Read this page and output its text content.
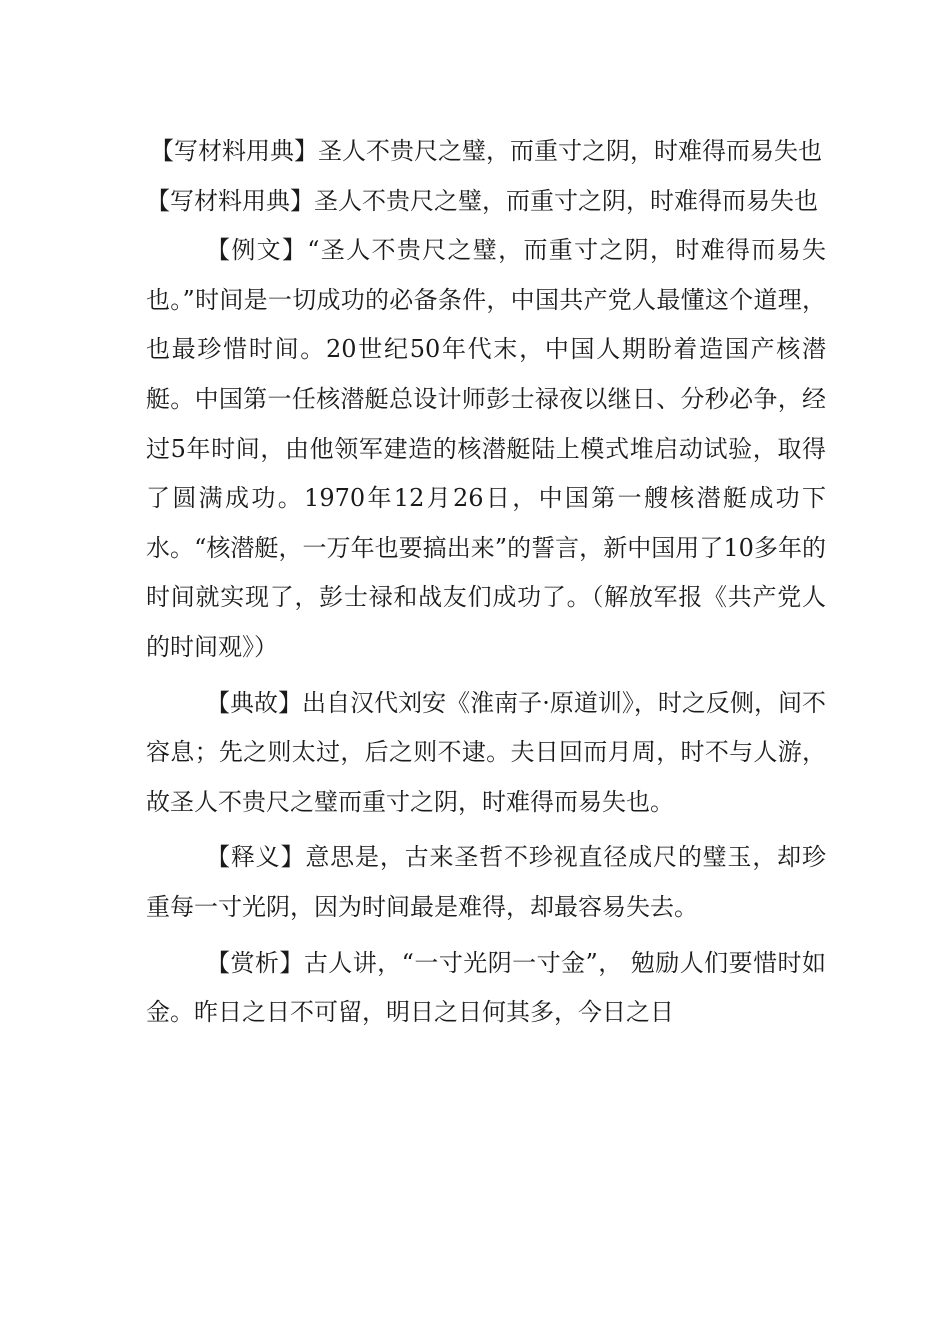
【写材料用典】圣人不贵尺之璧，而重寸之阴，时难得而易失也

【写材料用典】圣人不贵尺之璧，而重寸之阴，时难得而易失也

【例文】“圣人不贵尺之璧，而重寸之阴，时难得而易失也。”时间是一切成功的必备条件，中国共产党人最懂这个道理，也最珍惜时间。20世纪50年代末，中国人期盼着造国产核潜艇。中国第一任核潜艇总设计师彭士禄夜以继日、分秒必争，经过5年时间，由他领军建造的核潜艇陆上模式堆启动试验，取得了圆满成功。1970年12月26日，中国第一艘核潜艇成功下水。“核潜艇，一万年也要搞出来”的誓言，新中国用了10多年的时间就实现了，彭士禄和战友们成功了。（解放军报《共产党人的时间观》）

【典故】出自汉代刘安《淮南子·原道训》，时之反侧，间不容息；先之则太过，后之则不逮。夫日回而月周，时不与人游，故圣人不贵尺之璧而重寸之阴，时难得而易失也。

【释义】意思是，古来圣哲不珍视直径成尺的璧玉，却珍重每一寸光阴，因为时间最是难得，却最容易失去。

【赏析】古人讲，“一寸光阴一寸金”， 勉励人们要惜时如金。昨日之日不可留，明日之日何其多，今日之日
